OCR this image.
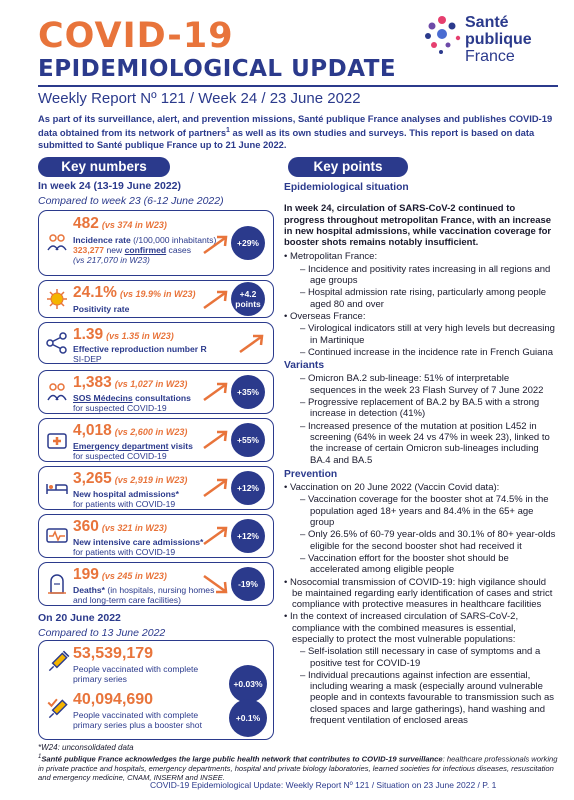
COVID-19
EPIDEMIOLOGICAL UPDATE
Weekly Report Nº 121 / Week 24 / 23 June 2022
Santé
publique
France
As part of its surveillance, alert, and prevention missions, Santé publique France analyses and publishes COVID-19 data obtained from its network of partners$^1$ as well as its own studies and surveys. This report is based on data submitted to Santé publique France up to 21 June 2022.
Key numbers
In week 24 (13-19 June 2022)
Compared to week 23 (6-12 June 2022)
482 (vs 374 in W23)
Incidence rate (/100,000 inhabitants)
323,277 new confirmed cases
(vs 217,070 in W23)
+29%
24.1% (vs 19.9% in W23)
Positivity rate
+4.2
points
1.39 (vs 1.35 in W23)
Effective reproduction number R
SI-DEP
1,383 (vs 1,027 in W23)
SOS Médecins consultations
for suspected COVID-19
+35%
4,018 (vs 2,600 in W23)
Emergency department visits
for suspected COVID-19
+55%
3,265 (vs 2,919 in W23)
New hospital admissions*
for patients with COVID-19
+12%
360 (vs 321 in W23)
New intensive care admissions*
for patients with COVID-19
+12%
199 (vs 245 in W23)
Deaths* (in hospitals, nursing homes
and long-term care facilities)
-19%
On 20 June 2022
Compared to 13 June 2022
53,539,179
People vaccinated with complete
primary series	+0.03%
40,094,690
People vaccinated with complete
primary series plus a booster shot
+0.1%
Key points
Epidemiological situation
In week 24, circulation of SARS-CoV-2 continued to progress throughout metropolitan France, with an increase in new hospital admissions, while vaccination coverage for booster shots remains notably insufficient.
• Metropolitan France:
– Incidence and positivity rates increasing in all regions and age groups
– Hospital admission rate rising, particularly among people aged 80 and over
• Overseas France:
– Virological indicators still at very high levels but decreasing in Martinique
– Continued increase in the incidence rate in French Guiana
Variants
– Omicron BA.2 sub-lineage: 51% of interpretable sequences in the week 23 Flash Survey of 7 June 2022
– Progressive replacement of BA.2 by BA.5 with a strong increase in detection (41%)
– Increased presence of the mutation at position L452 in screening (64% in week 24 vs 47% in week 23), linked to the increase of certain Omicron sub-lineages including BA.4 and BA.5
Prevention
• Vaccination on 20 June 2022 (Vaccin Covid data):
– Vaccination coverage for the booster shot at 74.5% in the population aged 18+ years and 84.4% in the 65+ age group
– Only 26.5% of 60-79 year-olds and 30.1% of 80+ year-olds eligible for the second booster shot had received it
– Vaccination effort for the booster shot should be accelerated among eligible people
• Nosocomial transmission of COVID-19: high vigilance should be maintained regarding early identification of cases and strict compliance with protective measures in healthcare facilities
• In the context of increased circulation of SARS-CoV-2, compliance with the combined measures is essential, especially to protect the most vulnerable populations:
– Self-isolation still necessary in case of symptoms and a positive test for COVID-19
– Individual precautions against infection are essential, including wearing a mask (especially around vulnerable people and in contexts favourable to transmission such as closed spaces and large gatherings), hand washing and frequent ventilation of enclosed areas
*W24: unconsolidated data
$^1$Santé publique France acknowledges the large public health network that contributes to COVID-19 surveillance: healthcare professionals working in private practice and hospitals, emergency departments, hospital and private biology laboratories, learned societies for infectious diseases, resuscitation and emergency medicine, CNAM, INSERM and INSEE.
COVID-19 Epidemiological Update: Weekly Report Nº 121 / Situation on 23 June 2022 / P. 1
